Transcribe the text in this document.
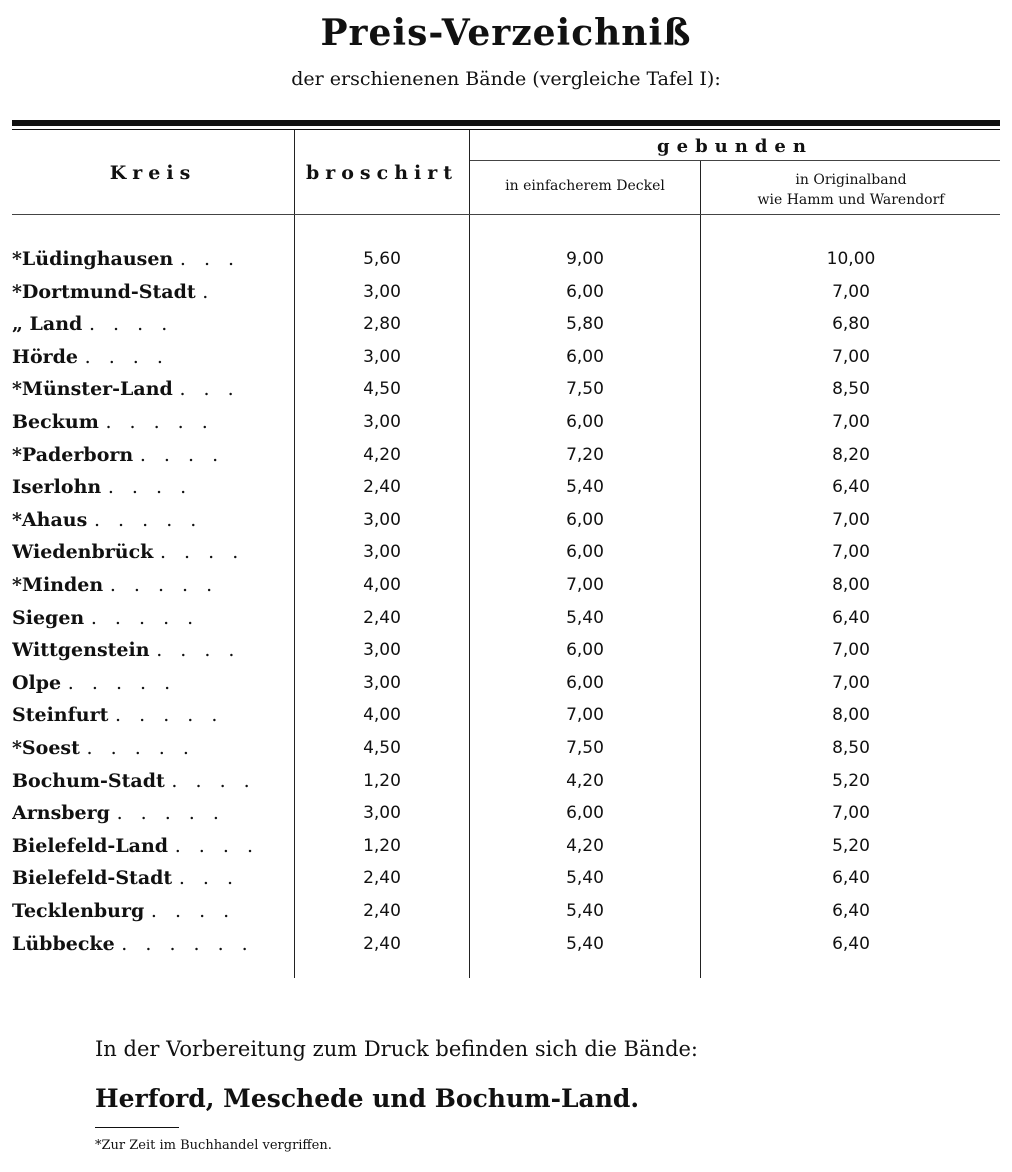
Preis-Verzeichniß
der erschienenen Bände (vergleiche Tafel I):
Kreis	broschirt
gebunden
in einfacherem Deckel	in Originalband
wie Hamm und Warendorf
*Lüdinghausen . . .	5,60	9,00	10,00
*Dortmund-Stadt .	3,00	6,00	7,00
„ Land . . . .	2,80	5,80	6,80
Hörde . . . .	3,00	6,00	7,00
*Münster-Land . . .	4,50	7,50	8,50
Beckum . . . . .	3,00	6,00	7,00
*Paderborn . . . .	4,20	7,20	8,20
Iserlohn . . . .	2,40	5,40	6,40
*Ahaus . . . . .	3,00	6,00	7,00
Wiedenbrück . . . .	3,00	6,00	7,00
*Minden . . . . .	4,00	7,00	8,00
Siegen . . . . .	2,40	5,40	6,40
Wittgenstein . . . .	3,00	6,00	7,00
Olpe . . . . .	3,00	6,00	7,00
Steinfurt . . . . .	4,00	7,00	8,00
*Soest . . . . .	4,50	7,50	8,50
Bochum-Stadt . . . .	1,20	4,20	5,20
Arnsberg . . . . .	3,00	6,00	7,00
Bielefeld-Land . . . .	1,20	4,20	5,20
Bielefeld-Stadt . . .	2,40	5,40	6,40
Tecklenburg . . . .	2,40	5,40	6,40
Lübbecke . . . . . .	2,40	5,40	6,40
In der Vorbereitung zum Druck befinden sich die Bände:
Herford, Meschede und Bochum-Land.
*Zur Zeit im Buchhandel vergriffen.
